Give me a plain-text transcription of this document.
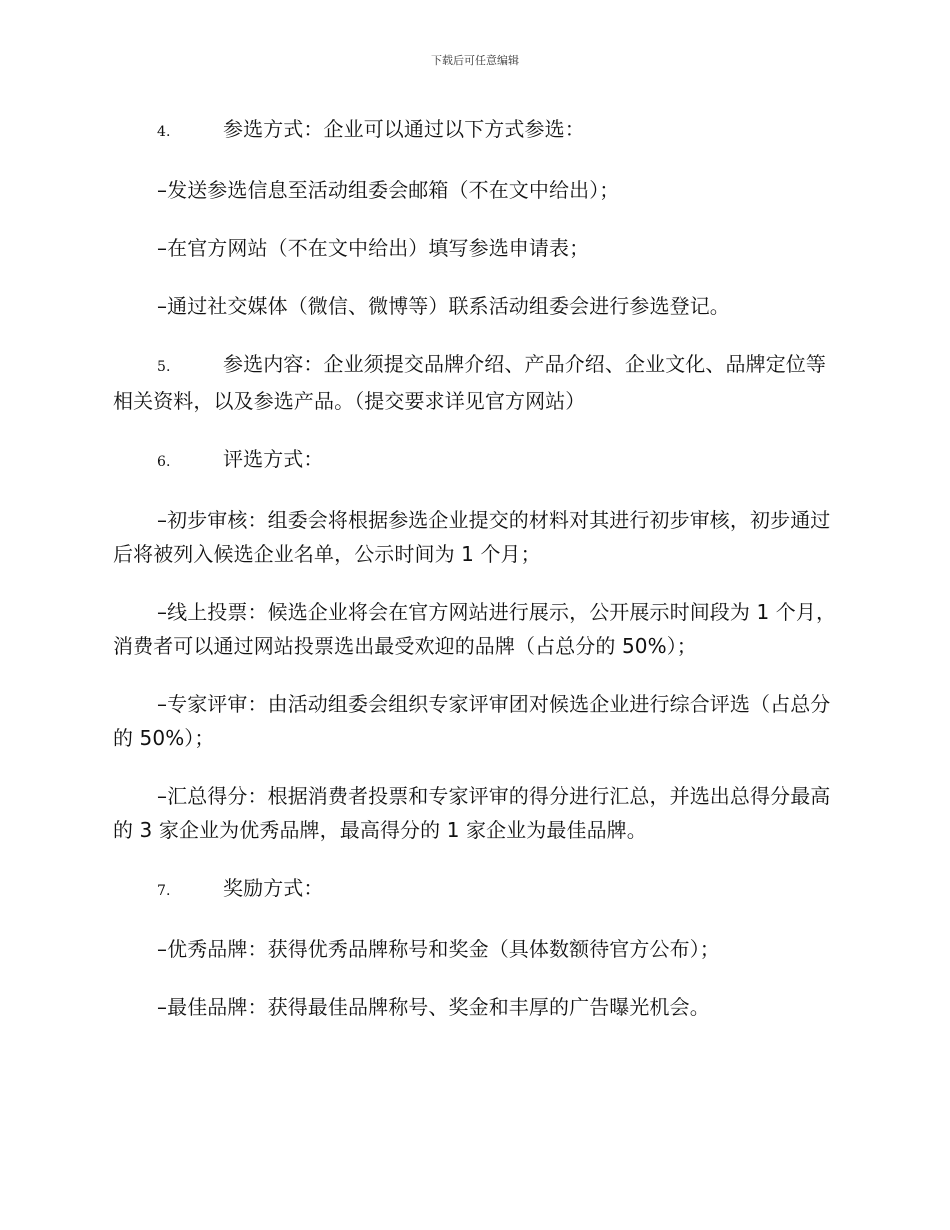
下载后可任意编辑

4.	参选方式：企业可以通过以下方式参选：

–发送参选信息至活动组委会邮箱（不在文中给出）；

–在官方网站（不在文中给出）填写参选申请表；

–通过社交媒体（微信、微博等）联系活动组委会进行参选登记。

5.	参选内容：企业须提交品牌介绍、产品介绍、企业文化、品牌定位等相关资料，以及参选产品。（提交要求详见官方网站）

6.	评选方式：

–初步审核：组委会将根据参选企业提交的材料对其进行初步审核，初步通过后将被列入候选企业名单，公示时间为 1 个月；

–线上投票：候选企业将会在官方网站进行展示，公开展示时间段为 1 个月，消费者可以通过网站投票选出最受欢迎的品牌（占总分的 50%）；

–专家评审：由活动组委会组织专家评审团对候选企业进行综合评选（占总分的 50%）；

–汇总得分：根据消费者投票和专家评审的得分进行汇总，并选出总得分最高的 3 家企业为优秀品牌，最高得分的 1 家企业为最佳品牌。

7.	奖励方式：

–优秀品牌：获得优秀品牌称号和奖金（具体数额待官方公布）；

–最佳品牌：获得最佳品牌称号、奖金和丰厚的广告曝光机会。
